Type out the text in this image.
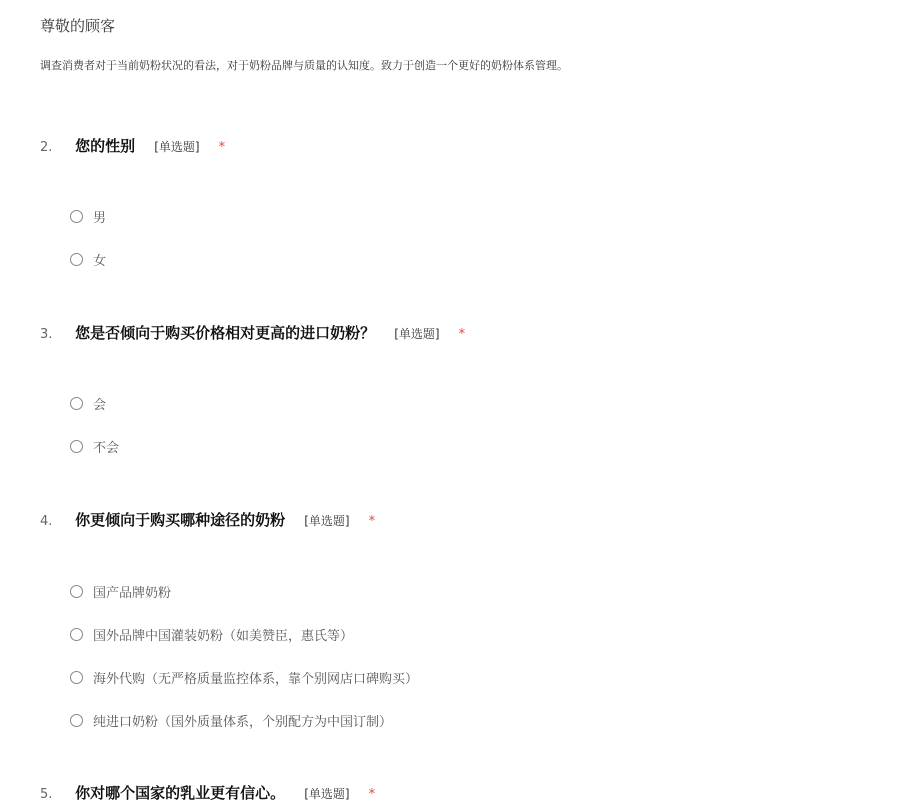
尊敬的顾客
调查消费者对于当前奶粉状况的看法，对于奶粉品牌与质量的认知度。致力于创造一个更好的奶粉体系管理。
2. 您的性别 [单选题] *
男
女
3. 您是否倾向于购买价格相对更高的进口奶粉？ [单选题] *
会
不会
4. 你更倾向于购买哪种途径的奶粉 [单选题] *
国产品牌奶粉
国外品牌中国灌装奶粉（如美赞臣，惠氏等）
海外代购（无严格质量监控体系，靠个别网店口碑购买）
纯进口奶粉（国外质量体系，个别配方为中国订制）
5. 你对哪个国家的乳业更有信心。 [单选题] *
